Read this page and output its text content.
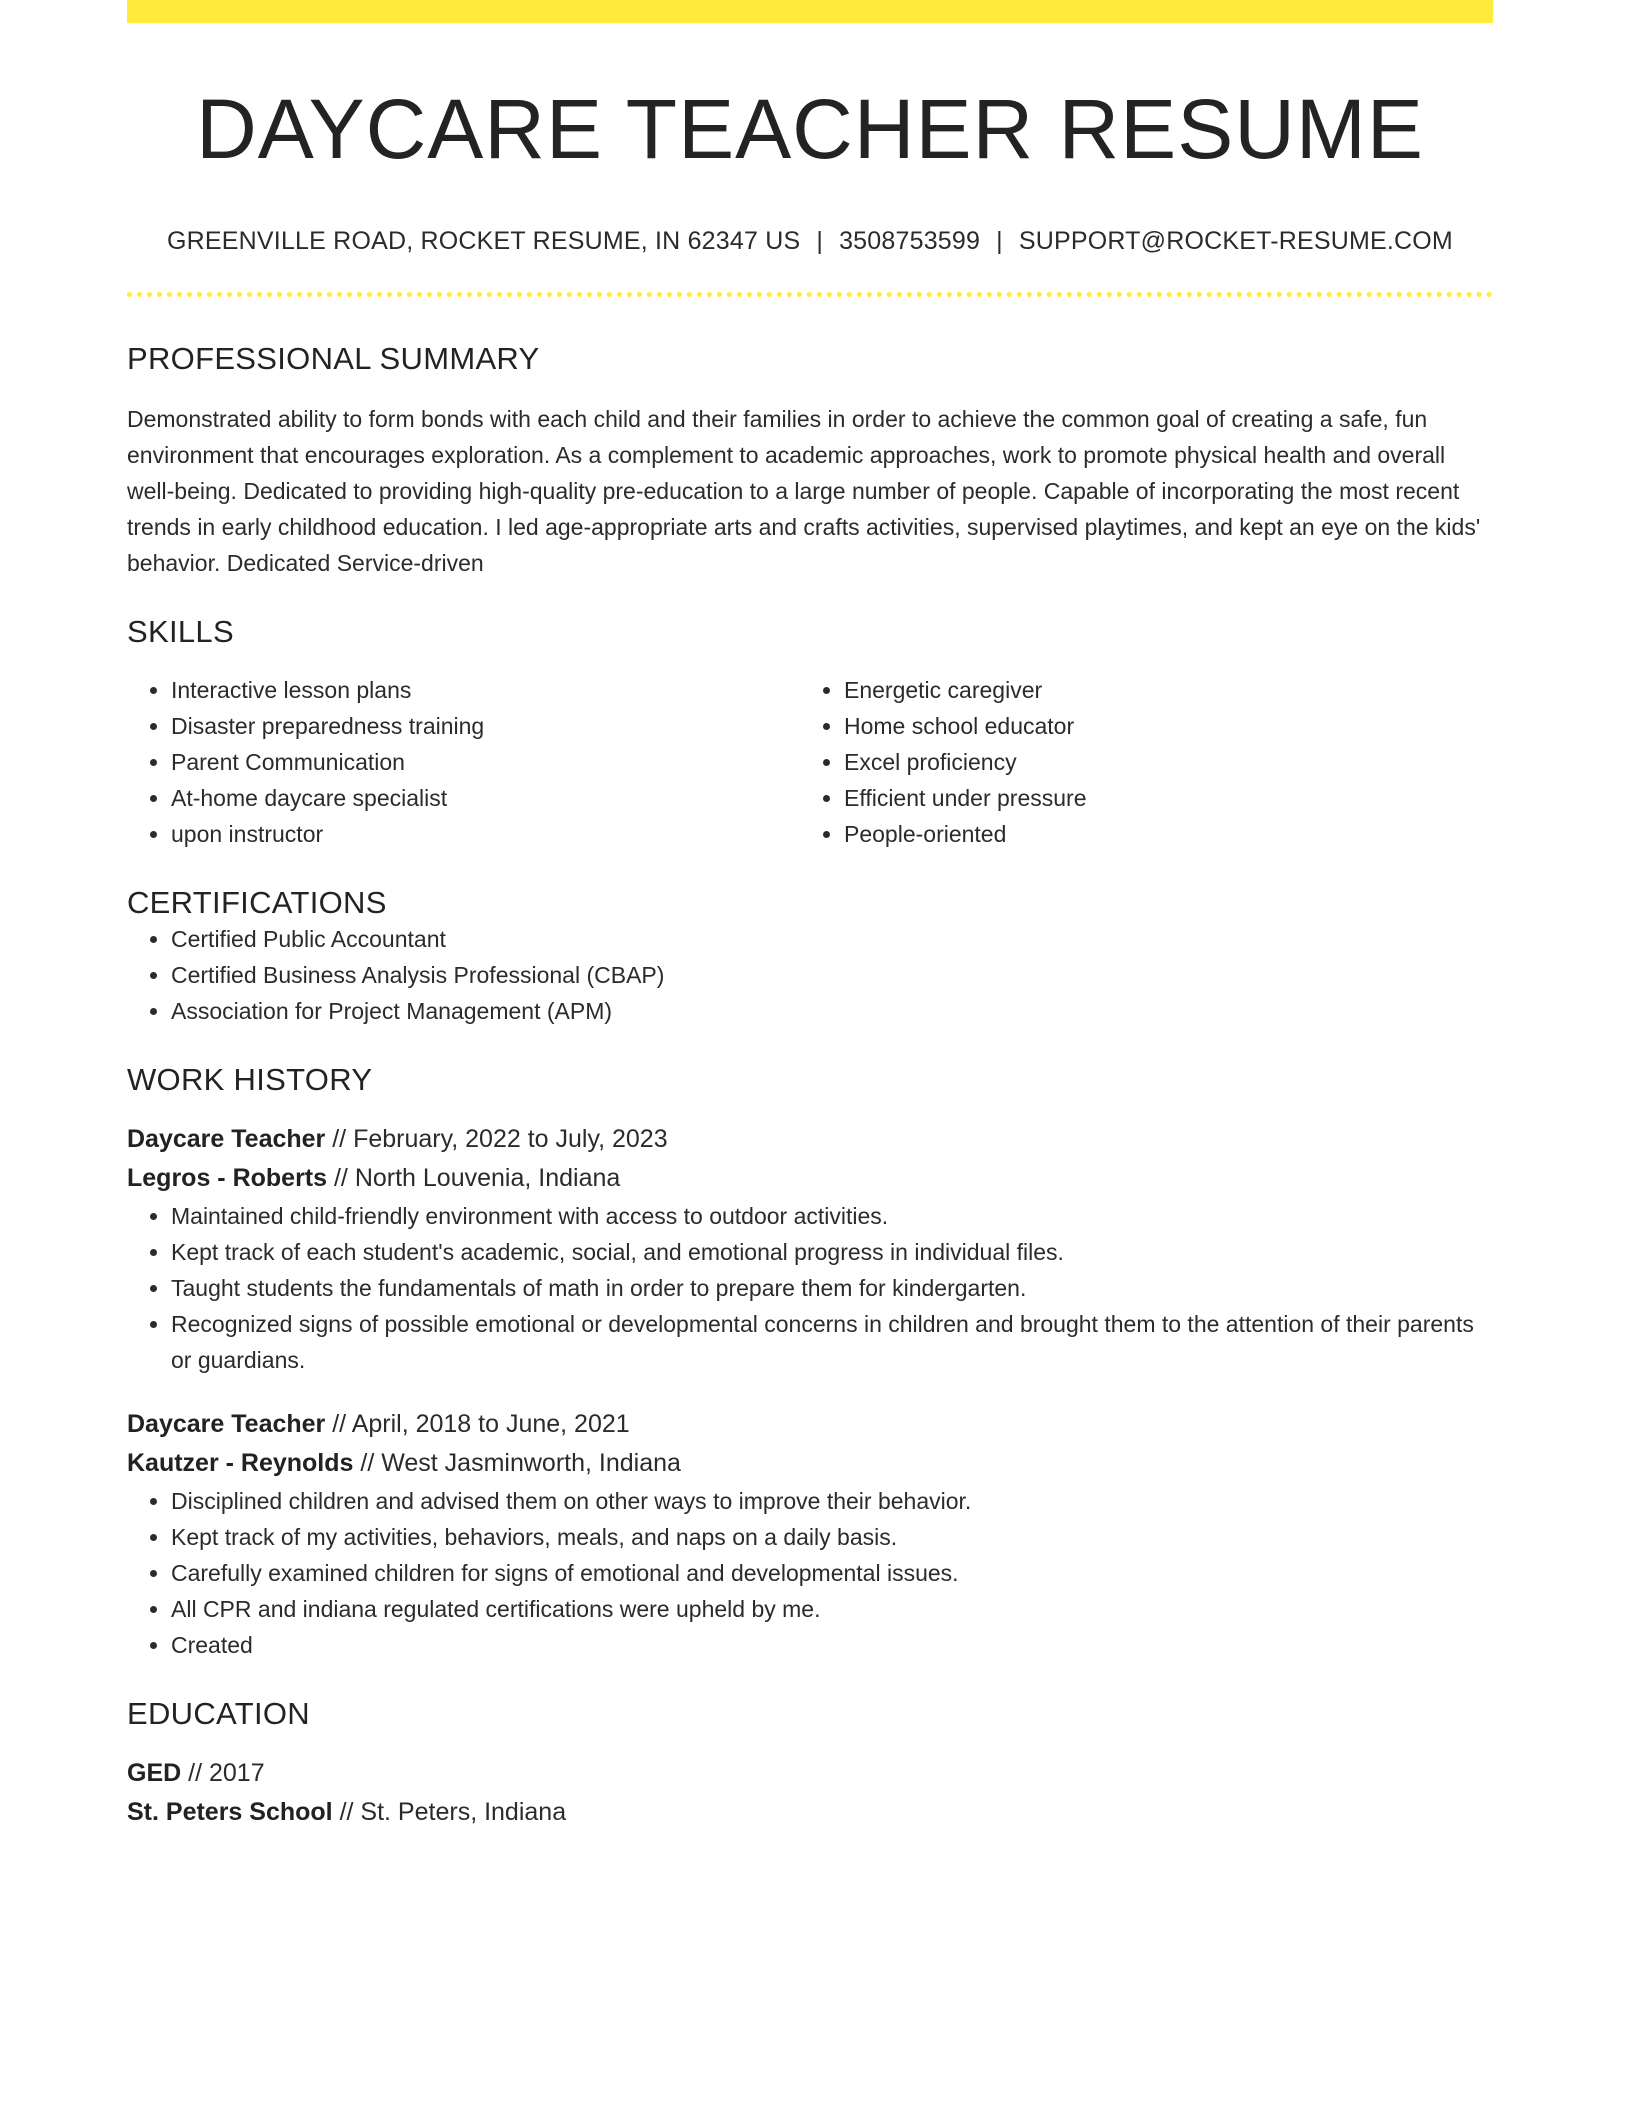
DAYCARE TEACHER RESUME
GREENVILLE ROAD, ROCKET RESUME, IN 62347 US | 3508753599 | SUPPORT@ROCKET-RESUME.COM
PROFESSIONAL SUMMARY
Demonstrated ability to form bonds with each child and their families in order to achieve the common goal of creating a safe, fun environment that encourages exploration. As a complement to academic approaches, work to promote physical health and overall well-being. Dedicated to providing high-quality pre-education to a large number of people. Capable of incorporating the most recent trends in early childhood education. I led age-appropriate arts and crafts activities, supervised playtimes, and kept an eye on the kids' behavior. Dedicated Service-driven
SKILLS
• Interactive lesson plans
• Disaster preparedness training
• Parent Communication
• At-home daycare specialist
• upon instructor
• Energetic caregiver
• Home school educator
• Excel proficiency
• Efficient under pressure
• People-oriented
CERTIFICATIONS
• Certified Public Accountant
• Certified Business Analysis Professional (CBAP)
• Association for Project Management (APM)
WORK HISTORY
Daycare Teacher // February, 2022 to July, 2023
Legros - Roberts // North Louvenia, Indiana
• Maintained child-friendly environment with access to outdoor activities.
• Kept track of each student's academic, social, and emotional progress in individual files.
• Taught students the fundamentals of math in order to prepare them for kindergarten.
• Recognized signs of possible emotional or developmental concerns in children and brought them to the attention of their parents or guardians.
Daycare Teacher // April, 2018 to June, 2021
Kautzer - Reynolds // West Jasminworth, Indiana
• Disciplined children and advised them on other ways to improve their behavior.
• Kept track of my activities, behaviors, meals, and naps on a daily basis.
• Carefully examined children for signs of emotional and developmental issues.
• All CPR and indiana regulated certifications were upheld by me.
• Created
EDUCATION
GED // 2017
St. Peters School // St. Peters, Indiana
